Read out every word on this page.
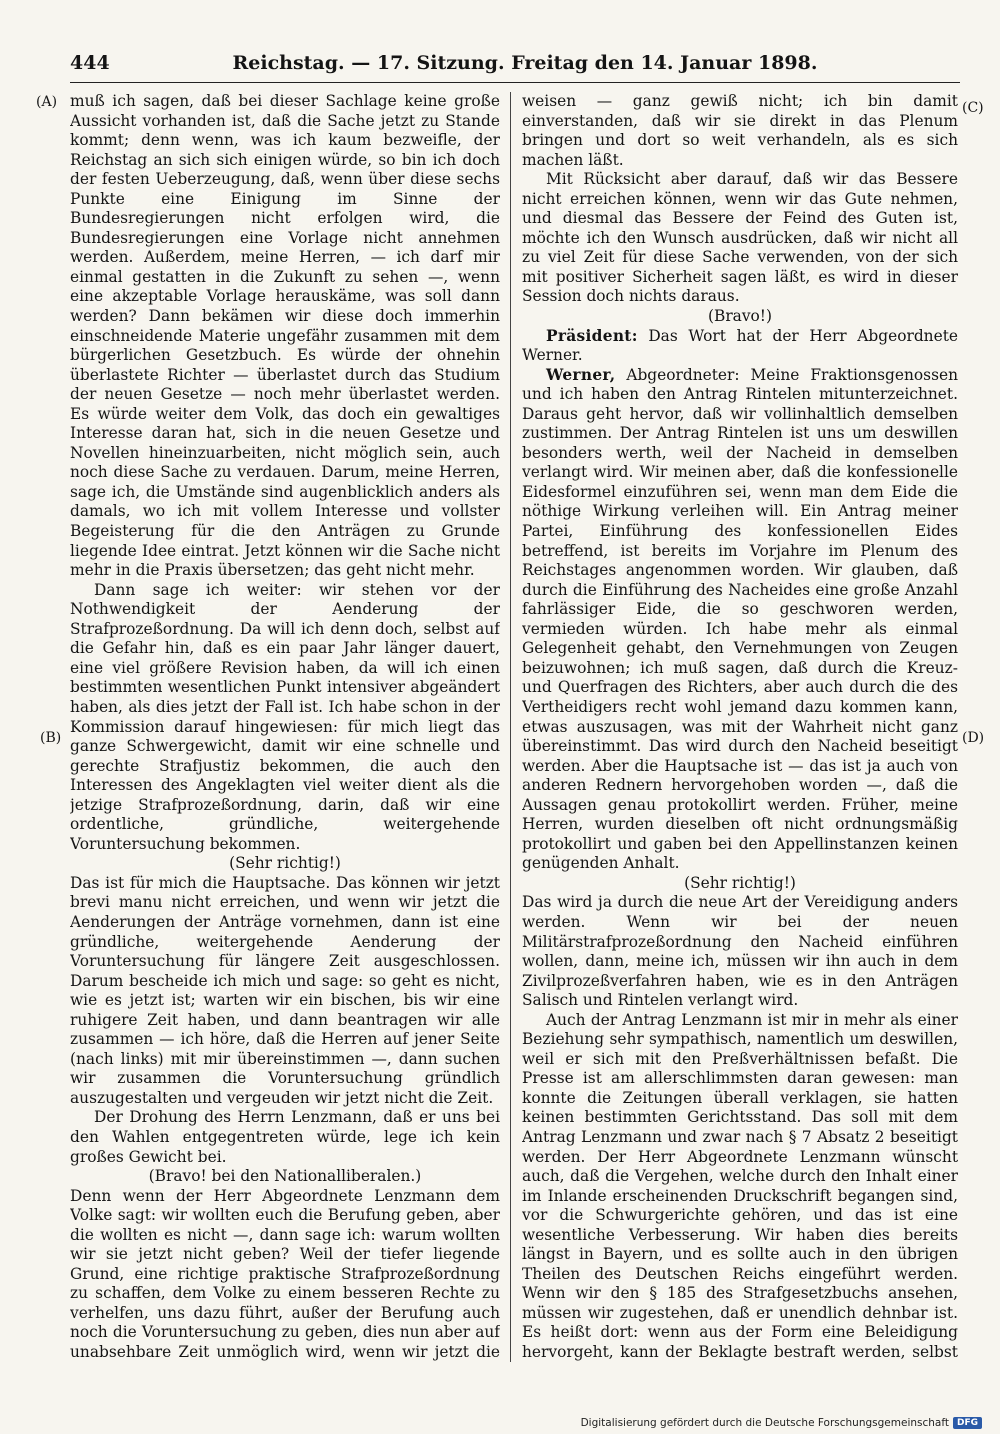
444	Reichstag. — 17. Sitzung. Freitag den 14. Januar 1898.
(A)
(B)
(C)
(D)

muß ich sagen, daß bei dieser Sachlage keine große Aussicht vorhanden ist, daß die Sache jetzt zu Stande kommt; denn wenn, was ich kaum bezweifle, der Reichstag an sich sich einigen würde, so bin ich doch der festen Ueberzeugung, daß, wenn über diese sechs Punkte eine Einigung im Sinne der Bundesregierungen nicht erfolgen wird, die Bundesregierungen eine Vorlage nicht annehmen werden. Außerdem, meine Herren, — ich darf mir einmal gestatten in die Zukunft zu sehen —, wenn eine akzeptable Vorlage herauskäme, was soll dann werden? Dann bekämen wir diese doch immerhin einschneidende Materie ungefähr zusammen mit dem bürgerlichen Gesetzbuch. Es würde der ohnehin überlastete Richter — überlastet durch das Studium der neuen Gesetze — noch mehr überlastet werden. Es würde weiter dem Volk, das doch ein gewaltiges Interesse daran hat, sich in die neuen Gesetze und Novellen hineinzuarbeiten, nicht möglich sein, auch noch diese Sache zu verdauen. Darum, meine Herren, sage ich, die Umstände sind augenblicklich anders als damals, wo ich mit vollem Interesse und vollster Begeisterung für die den Anträgen zu Grunde liegende Idee eintrat. Jetzt können wir die Sache nicht mehr in die Praxis übersetzen; das geht nicht mehr.

Dann sage ich weiter: wir stehen vor der Nothwendigkeit der Aenderung der Strafprozeßordnung. Da will ich denn doch, selbst auf die Gefahr hin, daß es ein paar Jahr länger dauert, eine viel größere Revision haben, da will ich einen bestimmten wesentlichen Punkt intensiver abgeändert haben, als dies jetzt der Fall ist. Ich habe schon in der Kommission darauf hingewiesen: für mich liegt das ganze Schwergewicht, damit wir eine schnelle und gerechte Strafjustiz bekommen, die auch den Interessen des Angeklagten viel weiter dient als die jetzige Strafprozeßordnung, darin, daß wir eine ordentliche, gründliche, weitergehende Voruntersuchung bekommen.

(Sehr richtig!)

Das ist für mich die Hauptsache. Das können wir jetzt brevi manu nicht erreichen, und wenn wir jetzt die Aenderungen der Anträge vornehmen, dann ist eine gründliche, weitergehende Aenderung der Voruntersuchung für längere Zeit ausgeschlossen. Darum bescheide ich mich und sage: so geht es nicht, wie es jetzt ist; warten wir ein bischen, bis wir eine ruhigere Zeit haben, und dann beantragen wir alle zusammen — ich höre, daß die Herren auf jener Seite (nach links) mit mir übereinstimmen —, dann suchen wir zusammen die Voruntersuchung gründlich auszugestalten und vergeuden wir jetzt nicht die Zeit.

Der Drohung des Herrn Lenzmann, daß er uns bei den Wahlen entgegentreten würde, lege ich kein großes Gewicht bei.

(Bravo! bei den Nationalliberalen.)

Denn wenn der Herr Abgeordnete Lenzmann dem Volke sagt: wir wollten euch die Berufung geben, aber die wollten es nicht —, dann sage ich: warum wollten wir sie jetzt nicht geben? Weil der tiefer liegende Grund, eine richtige praktische Strafprozeßordnung zu schaffen, dem Volke zu einem besseren Rechte zu verhelfen, uns dazu führt, außer der Berufung auch noch die Voruntersuchung zu geben, dies nun aber auf unabsehbare Zeit unmöglich wird, wenn wir jetzt die

weisen — ganz gewiß nicht; ich bin damit einverstanden, daß wir sie direkt in das Plenum bringen und dort so weit verhandeln, als es sich machen läßt.

Mit Rücksicht aber darauf, daß wir das Bessere nicht erreichen können, wenn wir das Gute nehmen, und diesmal das Bessere der Feind des Guten ist, möchte ich den Wunsch ausdrücken, daß wir nicht all zu viel Zeit für diese Sache verwenden, von der sich mit positiver Sicherheit sagen läßt, es wird in dieser Session doch nichts daraus.

(Bravo!)

Präsident: Das Wort hat der Herr Abgeordnete Werner.

Werner, Abgeordneter: Meine Fraktionsgenossen und ich haben den Antrag Rintelen mitunterzeichnet. Daraus geht hervor, daß wir vollinhaltlich demselben zustimmen. Der Antrag Rintelen ist uns um deswillen besonders werth, weil der Nacheid in demselben verlangt wird. Wir meinen aber, daß die konfessionelle Eidesformel einzuführen sei, wenn man dem Eide die nöthige Wirkung verleihen will. Ein Antrag meiner Partei, Einführung des konfessionellen Eides betreffend, ist bereits im Vorjahre im Plenum des Reichstages angenommen worden. Wir glauben, daß durch die Einführung des Nacheides eine große Anzahl fahrlässiger Eide, die so geschworen werden, vermieden würden. Ich habe mehr als einmal Gelegenheit gehabt, den Vernehmungen von Zeugen beizuwohnen; ich muß sagen, daß durch die Kreuz- und Querfragen des Richters, aber auch durch die des Vertheidigers recht wohl jemand dazu kommen kann, etwas auszusagen, was mit der Wahrheit nicht ganz übereinstimmt. Das wird durch den Nacheid beseitigt werden. Aber die Hauptsache ist — das ist ja auch von anderen Rednern hervorgehoben worden —, daß die Aussagen genau protokollirt werden. Früher, meine Herren, wurden dieselben oft nicht ordnungsmäßig protokollirt und gaben bei den Appellinstanzen keinen genügenden Anhalt.

(Sehr richtig!)

Das wird ja durch die neue Art der Vereidigung anders werden. Wenn wir bei der neuen Militärstrafprozeßordnung den Nacheid einführen wollen, dann, meine ich, müssen wir ihn auch in dem Zivilprozeßverfahren haben, wie es in den Anträgen Salisch und Rintelen verlangt wird.

Auch der Antrag Lenzmann ist mir in mehr als einer Beziehung sehr sympathisch, namentlich um deswillen, weil er sich mit den Preßverhältnissen befaßt. Die Presse ist am allerschlimmsten daran gewesen: man konnte die Zeitungen überall verklagen, sie hatten keinen bestimmten Gerichtsstand. Das soll mit dem Antrag Lenzmann und zwar nach § 7 Absatz 2 beseitigt werden. Der Herr Abgeordnete Lenzmann wünscht auch, daß die Vergehen, welche durch den Inhalt einer im Inlande erscheinenden Druckschrift begangen sind, vor die Schwurgerichte gehören, und das ist eine wesentliche Verbesserung. Wir haben dies bereits längst in Bayern, und es sollte auch in den übrigen Theilen des Deutschen Reichs eingeführt werden. Wenn wir den § 185 des Strafgesetzbuchs ansehen, müssen wir zugestehen, daß er unendlich dehnbar ist. Es heißt dort: wenn aus der Form eine Beleidigung hervorgeht, kann der Beklagte bestraft werden, selbst

Digitalisierung gefördert durch die Deutsche Forschungsgemeinschaft DFG
